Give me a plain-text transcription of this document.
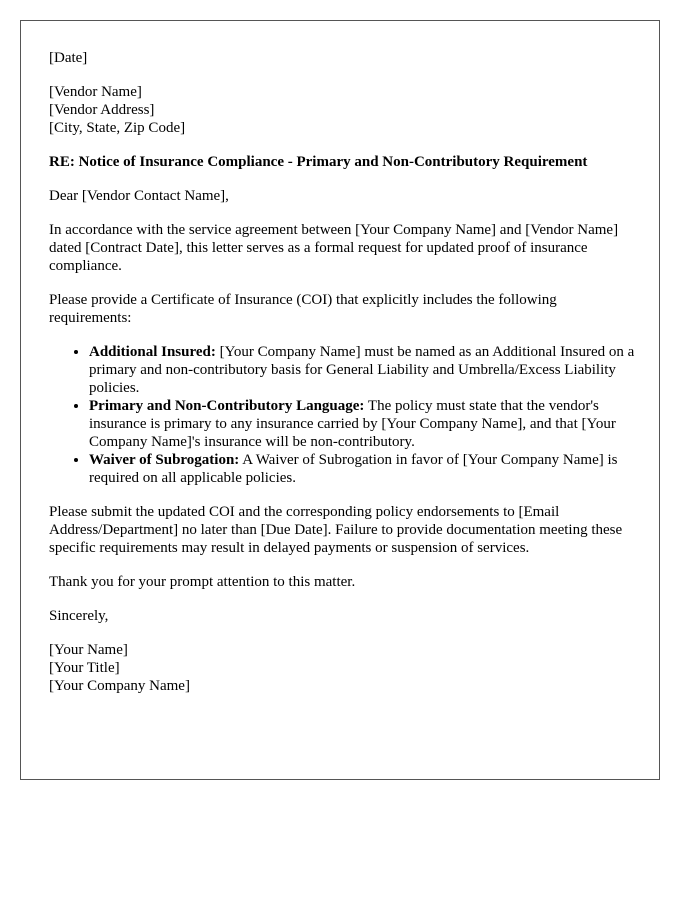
[Date]

[Vendor Name]
[Vendor Address]
[City, State, Zip Code]

RE: Notice of Insurance Compliance - Primary and Non-Contributory Requirement

Dear [Vendor Contact Name],

In accordance with the service agreement between [Your Company Name] and [Vendor Name] dated [Contract Date], this letter serves as a formal request for updated proof of insurance compliance.

Please provide a Certificate of Insurance (COI) that explicitly includes the following requirements:

• Additional Insured: [Your Company Name] must be named as an Additional Insured on a primary and non-contributory basis for General Liability and Umbrella/Excess Liability policies.
• Primary and Non-Contributory Language: The policy must state that the vendor's insurance is primary to any insurance carried by [Your Company Name], and that [Your Company Name]'s insurance will be non-contributory.
• Waiver of Subrogation: A Waiver of Subrogation in favor of [Your Company Name] is required on all applicable policies.

Please submit the updated COI and the corresponding policy endorsements to [Email Address/Department] no later than [Due Date]. Failure to provide documentation meeting these specific requirements may result in delayed payments or suspension of services.

Thank you for your prompt attention to this matter.

Sincerely,

[Your Name]
[Your Title]
[Your Company Name]
